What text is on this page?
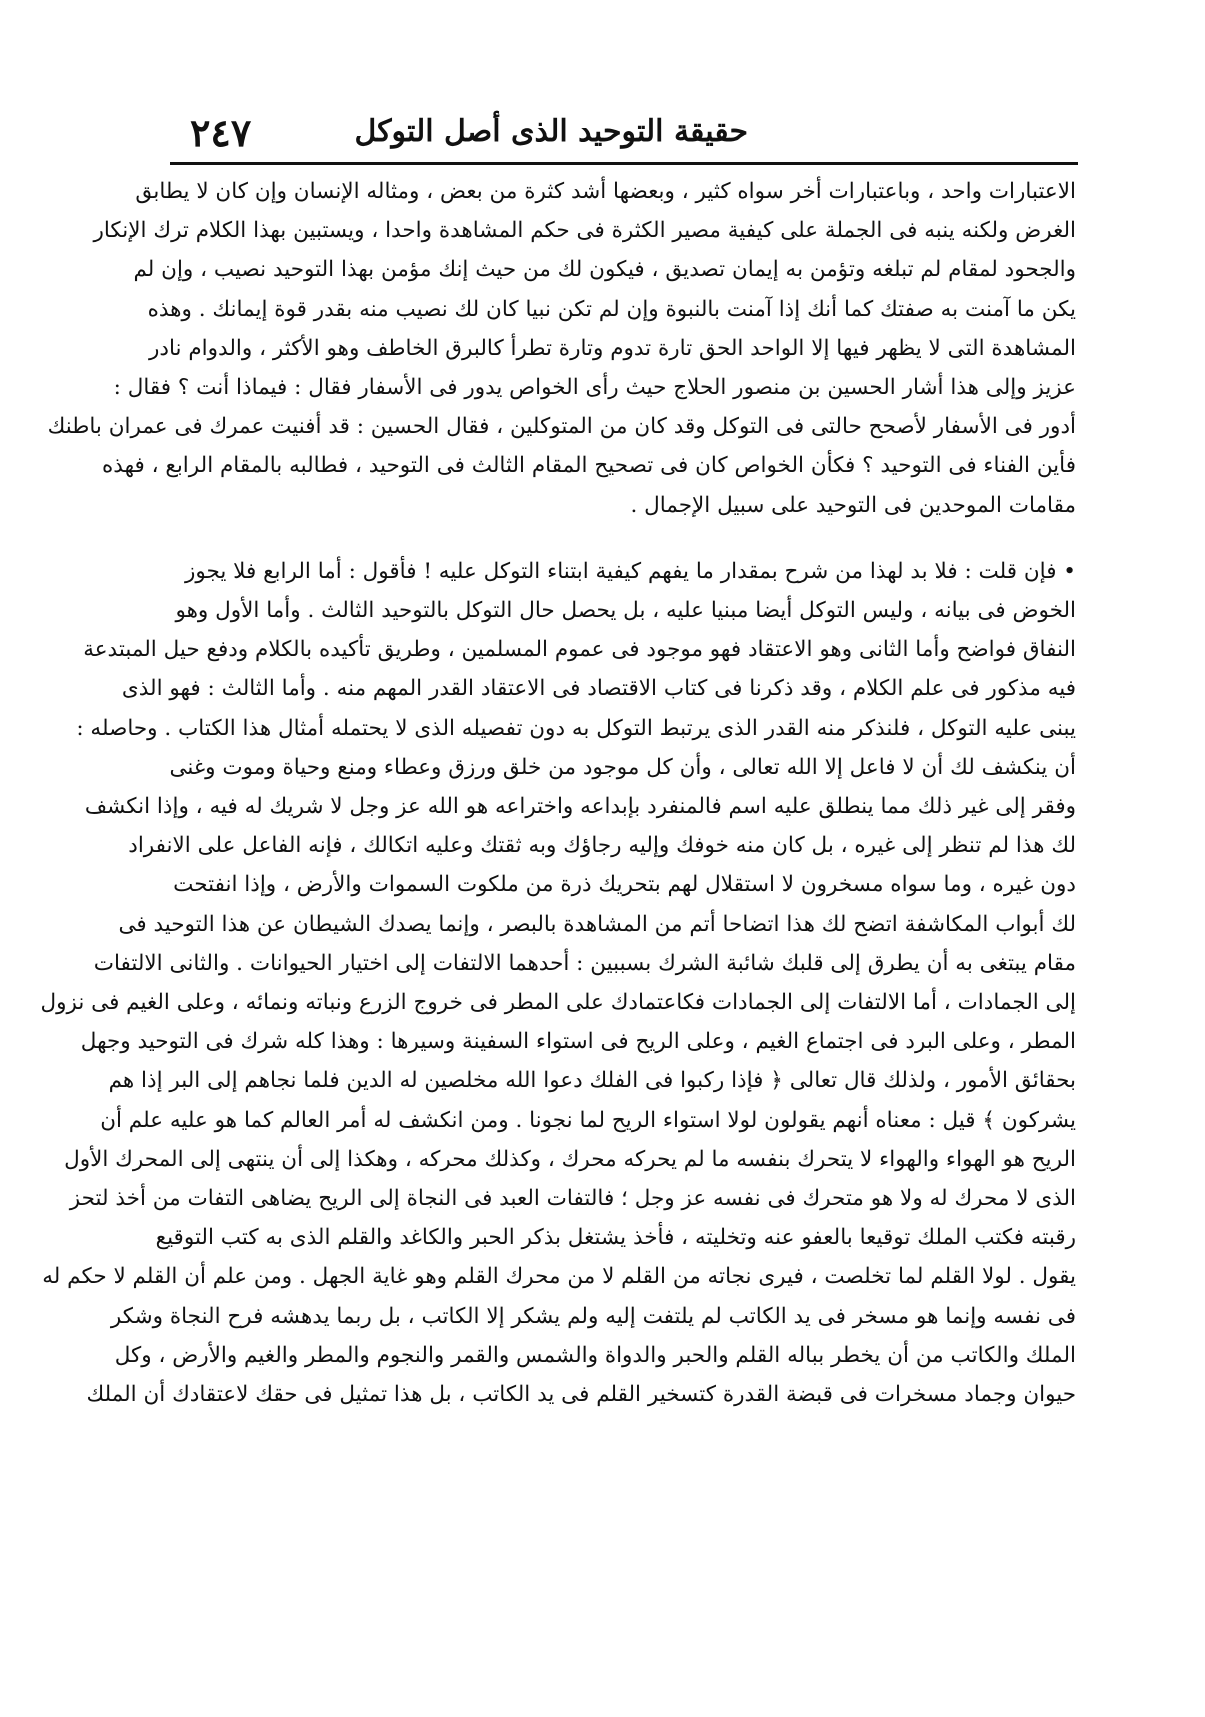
حقيقة التوحيد الذى أصل التوكل
٢٤٧

الاعتبارات واحد ، وباعتبارات أخر سواه كثير ، وبعضها أشد كثرة من بعض ، ومثاله الإنسان وإن كان لا يطابق
الغرض ولكنه ينبه فى الجملة على كيفية مصير الكثرة فى حكم المشاهدة واحدا ، ويستبين بهذا الكلام ترك الإنكار
والجحود لمقام لم تبلغه وتؤمن به إيمان تصديق ، فيكون لك من حيث إنك مؤمن بهذا التوحيد نصيب ، وإن لم
يكن ما آمنت به صفتك كما أنك إذا آمنت بالنبوة وإن لم تكن نبيا كان لك نصيب منه بقدر قوة إيمانك . وهذه
المشاهدة التى لا يظهر فيها إلا الواحد الحق تارة تدوم وتارة تطرأ كالبرق الخاطف وهو الأكثر ، والدوام نادر
عزيز وإلى هذا أشار الحسين بن منصور الحلاج حيث رأى الخواص يدور فى الأسفار فقال : فيماذا أنت ؟ فقال :
أدور فى الأسفار لأصحح حالتى فى التوكل وقد كان من المتوكلين ، فقال الحسين : قد أفنيت عمرك فى عمران باطنك
فأين الفناء فى التوحيد ؟ فكأن الخواص كان فى تصحيح المقام الثالث فى التوحيد ، فطالبه بالمقام الرابع ، فهذه
مقامات الموحدين فى التوحيد على سبيل الإجمال .

• فإن قلت : فلا بد لهذا من شرح بمقدار ما يفهم كيفية ابتناء التوكل عليه ! فأقول : أما الرابع فلا يجوز
الخوض فى بيانه ، وليس التوكل أيضا مبنيا عليه ، بل يحصل حال التوكل بالتوحيد الثالث . وأما الأول وهو
النفاق فواضح وأما الثانى وهو الاعتقاد فهو موجود فى عموم المسلمين ، وطريق تأكيده بالكلام ودفع حيل المبتدعة
فيه مذكور فى علم الكلام ، وقد ذكرنا فى كتاب الاقتصاد فى الاعتقاد القدر المهم منه . وأما الثالث : فهو الذى
يبنى عليه التوكل ، فلنذكر منه القدر الذى يرتبط التوكل به دون تفصيله الذى لا يحتمله أمثال هذا الكتاب . وحاصله :
أن ينكشف لك أن لا فاعل إلا الله تعالى ، وأن كل موجود من خلق ورزق وعطاء ومنع وحياة وموت وغنى
وفقر إلى غير ذلك مما ينطلق عليه اسم فالمنفرد بإبداعه واختراعه هو الله عز وجل لا شريك له فيه ، وإذا انكشف
لك هذا لم تنظر إلى غيره ، بل كان منه خوفك وإليه رجاؤك وبه ثقتك وعليه اتكالك ، فإنه الفاعل على الانفراد
دون غيره ، وما سواه مسخرون لا استقلال لهم بتحريك ذرة من ملكوت السموات والأرض ، وإذا انفتحت
لك أبواب المكاشفة اتضح لك هذا اتضاحا أتم من المشاهدة بالبصر ، وإنما يصدك الشيطان عن هذا التوحيد فى
مقام يبتغى به أن يطرق إلى قلبك شائبة الشرك بسببين : أحدهما الالتفات إلى اختيار الحيوانات . والثانى الالتفات
إلى الجمادات ، أما الالتفات إلى الجمادات فكاعتمادك على المطر فى خروج الزرع ونباته ونمائه ، وعلى الغيم فى نزول
المطر ، وعلى البرد فى اجتماع الغيم ، وعلى الريح فى استواء السفينة وسيرها : وهذا كله شرك فى التوحيد وجهل
بحقائق الأمور ، ولذلك قال تعالى ﴿ فإذا ركبوا فى الفلك دعوا الله مخلصين له الدين فلما نجاهم إلى البر إذا هم
يشركون ﴾ قيل : معناه أنهم يقولون لولا استواء الريح لما نجونا . ومن انكشف له أمر العالم كما هو عليه علم أن
الريح هو الهواء والهواء لا يتحرك بنفسه ما لم يحركه محرك ، وكذلك محركه ، وهكذا إلى أن ينتهى إلى المحرك الأول
الذى لا محرك له ولا هو متحرك فى نفسه عز وجل ؛ فالتفات العبد فى النجاة إلى الريح يضاهى التفات من أخذ لتحز
رقبته فكتب الملك توقيعا بالعفو عنه وتخليته ، فأخذ يشتغل بذكر الحبر والكاغد والقلم الذى به كتب التوقيع
يقول . لولا القلم لما تخلصت ، فيرى نجاته من القلم لا من محرك القلم وهو غاية الجهل . ومن علم أن القلم لا حكم له
فى نفسه وإنما هو مسخر فى يد الكاتب لم يلتفت إليه ولم يشكر إلا الكاتب ، بل ربما يدهشه فرح النجاة وشكر
الملك والكاتب من أن يخطر بباله القلم والحبر والدواة والشمس والقمر والنجوم والمطر والغيم والأرض ، وكل
حيوان وجماد مسخرات فى قبضة القدرة كتسخير القلم فى يد الكاتب ، بل هذا تمثيل فى حقك لاعتقادك أن الملك
